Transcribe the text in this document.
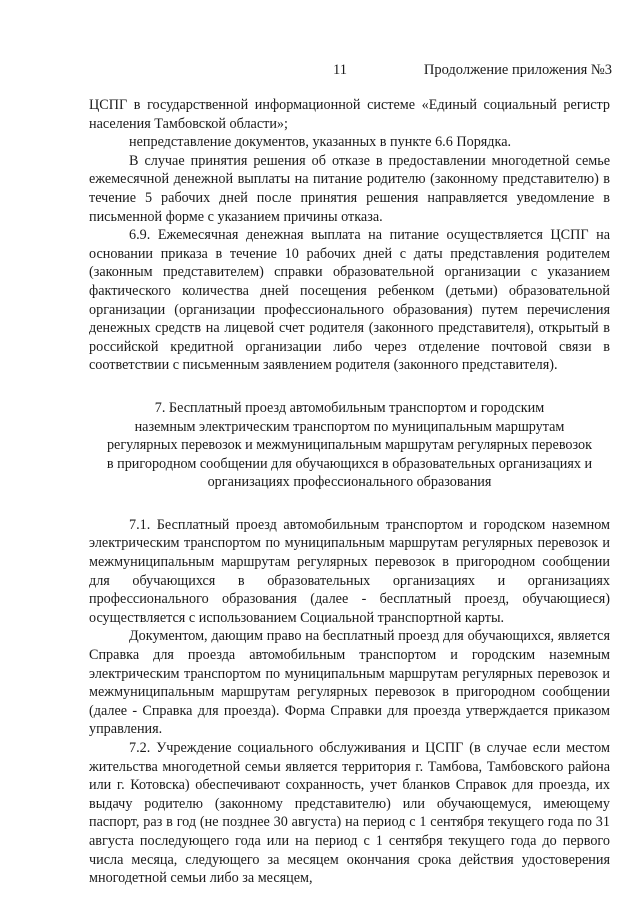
11	Продолжение приложения №3

ЦСПГ в государственной информационной системе «Единый социальный регистр населения Тамбовской области»;

непредставление документов, указанных в пункте 6.6 Порядка.

В случае принятия решения об отказе в предоставлении многодетной семье ежемесячной денежной выплаты на питание родителю (законному представителю) в течение 5 рабочих дней после принятия решения направляется уведомление в письменной форме с указанием причины отказа.

6.9. Ежемесячная денежная выплата на питание осуществляется ЦСПГ на основании приказа в течение 10 рабочих дней с даты представления родителем (законным представителем) справки образовательной организации с указанием фактического количества дней посещения ребенком (детьми) образовательной организации (организации профессионального образования) путем перечисления денежных средств на лицевой счет родителя (законного представителя), открытый в российской кредитной организации либо через отделение почтовой связи в соответствии с письменным заявлением родителя (законного представителя).

7. Бесплатный проезд автомобильным транспортом и городским
наземным электрическим транспортом по муниципальным маршрутам
регулярных перевозок и межмуниципальным маршрутам регулярных перевозок
в пригородном сообщении для обучающихся в образовательных организациях и
организациях профессионального образования

7.1. Бесплатный проезд автомобильным транспортом и городском наземном электрическим транспортом по муниципальным маршрутам регулярных перевозок и межмуниципальным маршрутам регулярных перевозок в пригородном сообщении для обучающихся в образовательных организациях и организациях профессионального образования (далее - бесплатный проезд, обучающиеся) осуществляется с использованием Социальной транспортной карты.

Документом, дающим право на бесплатный проезд для обучающихся, является Справка для проезда автомобильным транспортом и городским наземным электрическим транспортом по муниципальным маршрутам регулярных перевозок и межмуниципальным маршрутам регулярных перевозок в пригородном сообщении (далее - Справка для проезда). Форма Справки для проезда утверждается приказом управления.

7.2. Учреждение социального обслуживания и ЦСПГ (в случае если местом жительства многодетной семьи является территория г. Тамбова, Тамбовского района или г. Котовска) обеспечивают сохранность, учет бланков Справок для проезда, их выдачу родителю (законному представителю) или обучающемуся, имеющему паспорт, раз в год (не позднее 30 августа) на период с 1 сентября текущего года по 31 августа последующего года или на период с 1 сентября текущего года до первого числа месяца, следующего за месяцем окончания срока действия удостоверения многодетной семьи либо за месяцем,
